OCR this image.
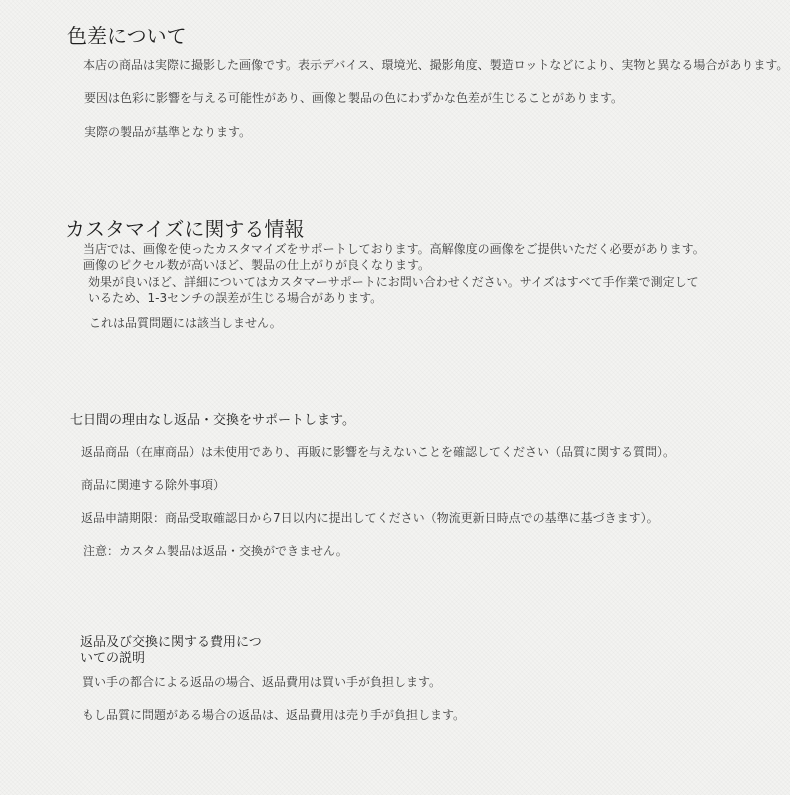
色差について

本店の商品は実際に撮影した画像です。表示デバイス、環境光、撮影角度、製造ロットなどにより、実物と異なる場合があります。

要因は色彩に影響を与える可能性があり、画像と製品の色にわずかな色差が生じることがあります。

実際の製品が基準となります。

カスタマイズに関する情報

当店では、画像を使ったカスタマイズをサポートしております。高解像度の画像をご提供いただく必要があります。

画像のピクセル数が高いほど、製品の仕上がりが良くなります。

効果が良いほど、詳細についてはカスタマーサポートにお問い合わせください。サイズはすべて手作業で測定して

いるため、1-3センチの誤差が生じる場合があります。

これは品質問題には該当しません。

七日間の理由なし返品・交換をサポートします。

返品商品（在庫商品）は未使用であり、再販に影響を与えないことを確認してください（品質に関する質問）。

商品に関連する除外事項）

返品申請期限：商品受取確認日から7日以内に提出してください（物流更新日時点での基準に基づきます）。

注意：カスタム製品は返品・交換ができません。

返品及び交換に関する費用につ
いての説明

買い手の都合による返品の場合、返品費用は買い手が負担します。

もし品質に問題がある場合の返品は、返品費用は売り手が負担します。
